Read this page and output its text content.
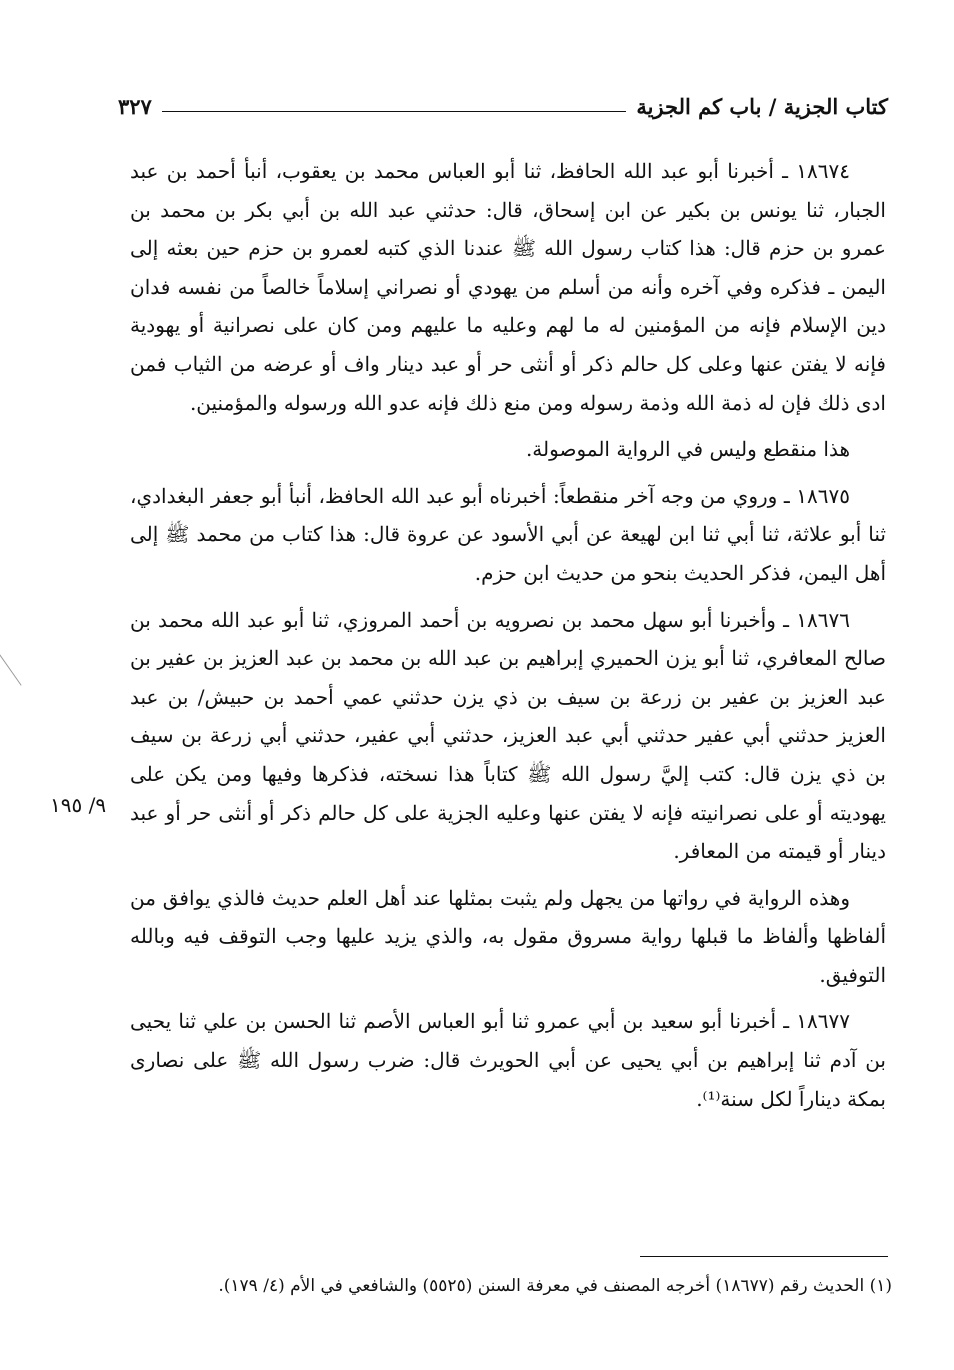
كتاب الجزية / باب كم الجزية
٣٢٧

١٨٦٧٤ ـ أخبرنا أبو عبد الله الحافظ، ثنا أبو العباس محمد بن يعقوب، أنبأ أحمد بن عبد الجبار، ثنا يونس بن بكير عن ابن إسحاق، قال: حدثني عبد الله بن أبي بكر بن محمد بن عمرو بن حزم قال: هذا كتاب رسول الله ﷺ عندنا الذي كتبه لعمرو بن حزم حين بعثه إلى اليمن ـ فذكره وفي آخره وأنه من أسلم من يهودي أو نصراني إسلاماً خالصاً من نفسه فدان دين الإسلام فإنه من المؤمنين له ما لهم وعليه ما عليهم ومن كان على نصرانية أو يهودية فإنه لا يفتن عنها وعلى كل حالم ذكر أو أنثى حر أو عبد دينار واف أو عرضه من الثياب فمن ادى ذلك فإن له ذمة الله وذمة رسوله ومن منع ذلك فإنه عدو الله ورسوله والمؤمنين.

هذا منقطع وليس في الرواية الموصولة.

١٨٦٧٥ ـ وروي من وجه آخر منقطعاً: أخبرناه أبو عبد الله الحافظ، أنبأ أبو جعفر البغدادي، ثنا أبو علاثة، ثنا أبي ثنا ابن لهيعة عن أبي الأسود عن عروة قال: هذا كتاب من محمد ﷺ إلى أهل اليمن، فذكر الحديث بنحو من حديث ابن حزم.

١٨٦٧٦ ـ وأخبرنا أبو سهل محمد بن نصرويه بن أحمد المروزي، ثنا أبو عبد الله محمد بن صالح المعافري، ثنا أبو يزن الحميري إبراهيم بن عبد الله بن محمد بن عبد العزيز بن عفير بن عبد العزيز بن عفير بن زرعة بن سيف بن ذي يزن حدثني عمي أحمد بن حبيش/ بن عبد العزيز حدثني أبي عفير حدثني أبي عبد العزيز، حدثني أبي عفير، حدثني أبي زرعة بن سيف بن ذي يزن قال: كتب إليَّ رسول الله ﷺ كتاباً هذا نسخته، فذكرها وفيها ومن يكن على يهوديته أو على نصرانيته فإنه لا يفتن عنها وعليه الجزية على كل حالم ذكر أو أنثى حر أو عبد دينار أو قيمته من المعافر.

وهذه الرواية في رواتها من يجهل ولم يثبت بمثلها عند أهل العلم حديث فالذي يوافق من ألفاظها وألفاظ ما قبلها رواية مسروق مقول به، والذي يزيد عليها وجب التوقف فيه وبالله التوفيق.

١٨٦٧٧ ـ أخبرنا أبو سعيد بن أبي عمرو ثنا أبو العباس الأصم ثنا الحسن بن علي ثنا يحيى بن آدم ثنا إبراهيم بن أبي يحيى عن أبي الحويرث قال: ضرب رسول الله ﷺ على نصارى بمكة ديناراً لكل سنة⁽¹⁾.

٩/ ١٩٥
(١) الحديث رقم (١٨٦٧٧) أخرجه المصنف في معرفة السنن (٥٥٢٥) والشافعي في الأم (٤/ ١٧٩).
